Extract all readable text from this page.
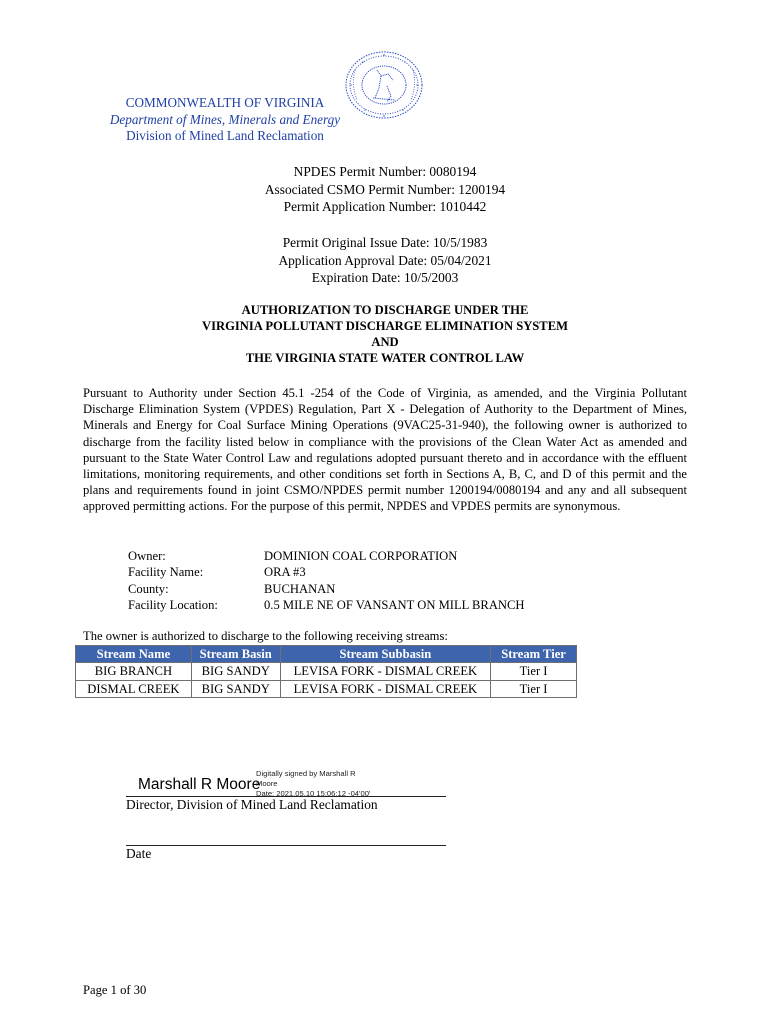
COMMONWEALTH OF VIRGINIA
Department of Mines, Minerals and Energy
Division of Mined Land Reclamation
NPDES Permit Number: 0080194
Associated CSMO Permit Number: 1200194
Permit Application Number: 1010442
Permit Original Issue Date: 10/5/1983
Application Approval Date: 05/04/2021
Expiration Date: 10/5/2003
AUTHORIZATION TO DISCHARGE UNDER THE
VIRGINIA POLLUTANT DISCHARGE ELIMINATION SYSTEM
AND
THE VIRGINIA STATE WATER CONTROL LAW
Pursuant to Authority under Section 45.1 -254 of the Code of Virginia, as amended, and the Virginia Pollutant Discharge Elimination System (VPDES) Regulation, Part X - Delegation of Authority to the Department of Mines, Minerals and Energy for Coal Surface Mining Operations (9VAC25-31-940), the following owner is authorized to discharge from the facility listed below in compliance with the provisions of the Clean Water Act as amended and pursuant to the State Water Control Law and regulations adopted pursuant thereto and in accordance with the effluent limitations, monitoring requirements, and other conditions set forth in Sections A, B, C, and D of this permit and the plans and requirements found in joint CSMO/NPDES permit number 1200194/0080194 and any and all subsequent approved permitting actions. For the purpose of this permit, NPDES and VPDES permits are synonymous.
Owner:	DOMINION COAL CORPORATION
Facility Name:	ORA #3
County:	BUCHANAN
Facility Location:	0.5 MILE NE OF VANSANT ON MILL BRANCH
The owner is authorized to discharge to the following receiving streams:
Stream Name	Stream Basin	Stream Subbasin	Stream Tier
BIG BRANCH	BIG SANDY	LEVISA FORK - DISMAL CREEK	Tier I
DISMAL CREEK	BIG SANDY	LEVISA FORK - DISMAL CREEK	Tier I
Marshall R Moore
Digitally signed by Marshall R
Moore
Date: 2021.05.10 15:06:12 -04'00'
Director, Division of Mined Land Reclamation
Date
Page 1 of 30
